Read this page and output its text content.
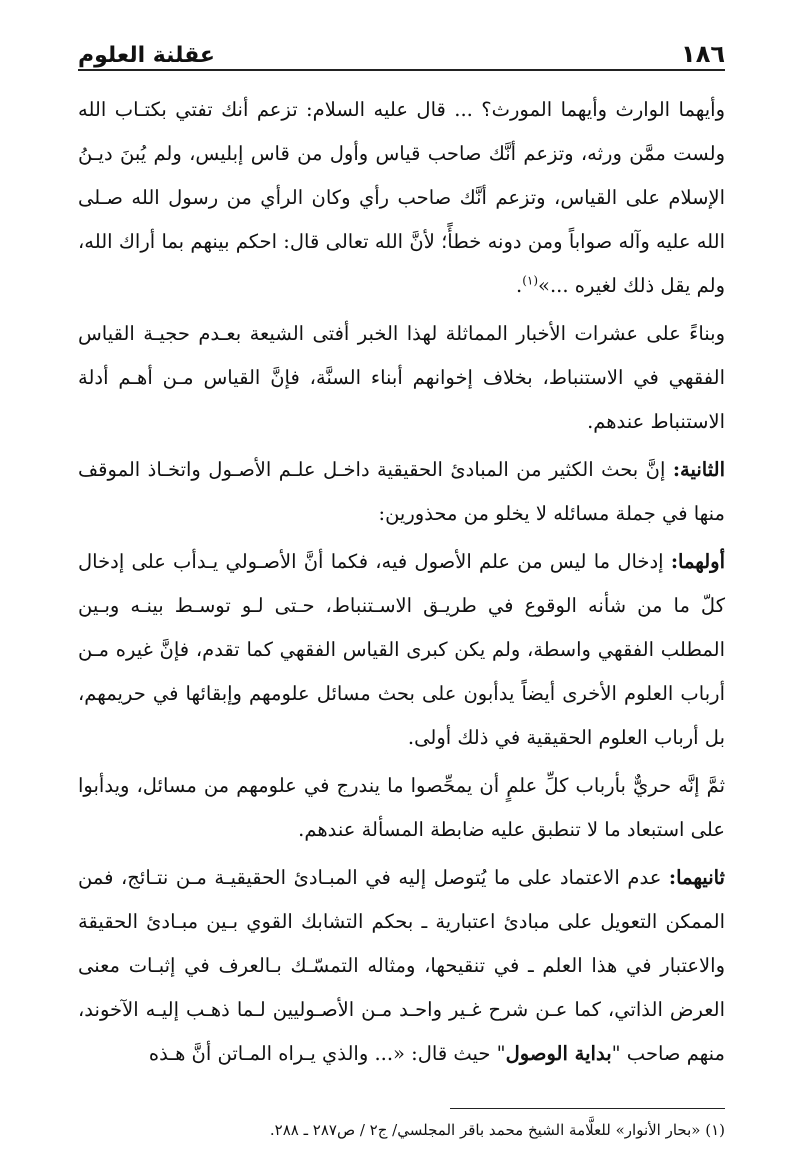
١٨٦
عقلنة العلوم

وأيهما الوارث وأيهما المورث؟ ... قال عليه السلام: تزعم أنك تفتي بكتـاب الله ولست ممَّن ورثه، وتزعم أنَّك صاحب قياس وأول من قاس إبليس، ولم يُبنَ ديـنُ الإسلام على القياس، وتزعم أنَّك صاحب رأي وكان الرأي من رسول الله صـلى الله عليه وآله صواباً ومن دونه خطأً؛ لأنَّ الله تعالى قال: احكم بينهم بما أراك الله، ولم يقل ذلك لغيره ...»$^{(١)}$.

وبناءً على عشرات الأخبار المماثلة لهذا الخبر أفتى الشيعة بعـدم حجيـة القياس الفقهي في الاستنباط، بخلاف إخوانهم أبناء السنَّة، فإنَّ القياس مـن أهـم أدلة الاستنباط عندهم.

الثانية: إنَّ بحث الكثير من المبادئ الحقيقية داخـل علـم الأصـول واتخـاذ الموقف منها في جملة مسائله لا يخلو من محذورين:

أولهما: إدخال ما ليس من علم الأصول فيه، فكما أنَّ الأصـولي يـدأب على إدخال كلّ ما من شأنه الوقوع في طريـق الاسـتنباط، حـتى لـو توسـط بينـه وبـين المطلب الفقهي واسطة، ولم يكن كبرى القياس الفقهي كما تقدم، فإنَّ غيره مـن أرباب العلوم الأخرى أيضاً يدأبون على بحث مسائل علومهم وإبقائها في حريمهم، بل أرباب العلوم الحقيقية في ذلك أولى.

ثمَّ إنَّه حريٌّ بأرباب كلِّ علمٍ أن يمحِّصوا ما يندرج في علومهم من مسائل، ويدأبوا على استبعاد ما لا تنطبق عليه ضابطة المسألة عندهم.

ثانيهما: عدم الاعتماد على ما يُتوصل إليه في المبـادئ الحقيقيـة مـن نتـائج، فمن الممكن التعويل على مبادئ اعتبارية ـ بحكم التشابك القوي بـين مبـادئ الحقيقة والاعتبار في هذا العلم ـ في تنقيحها، ومثاله التمسّـك بـالعرف في إثبـات معنى العرض الذاتي، كما عـن شرح غـير واحـد مـن الأصـوليين لـما ذهـب إليـه الآخوند، منهم صاحب "بداية الوصول" حيث قال: «... والذي يـراه المـاتن أنَّ هـذه

(١) «بحار الأنوار» للعلَّامة الشيخ محمد باقر المجلسي/ ج٢ / ص٢٨٧ ـ ٢٨٨.
